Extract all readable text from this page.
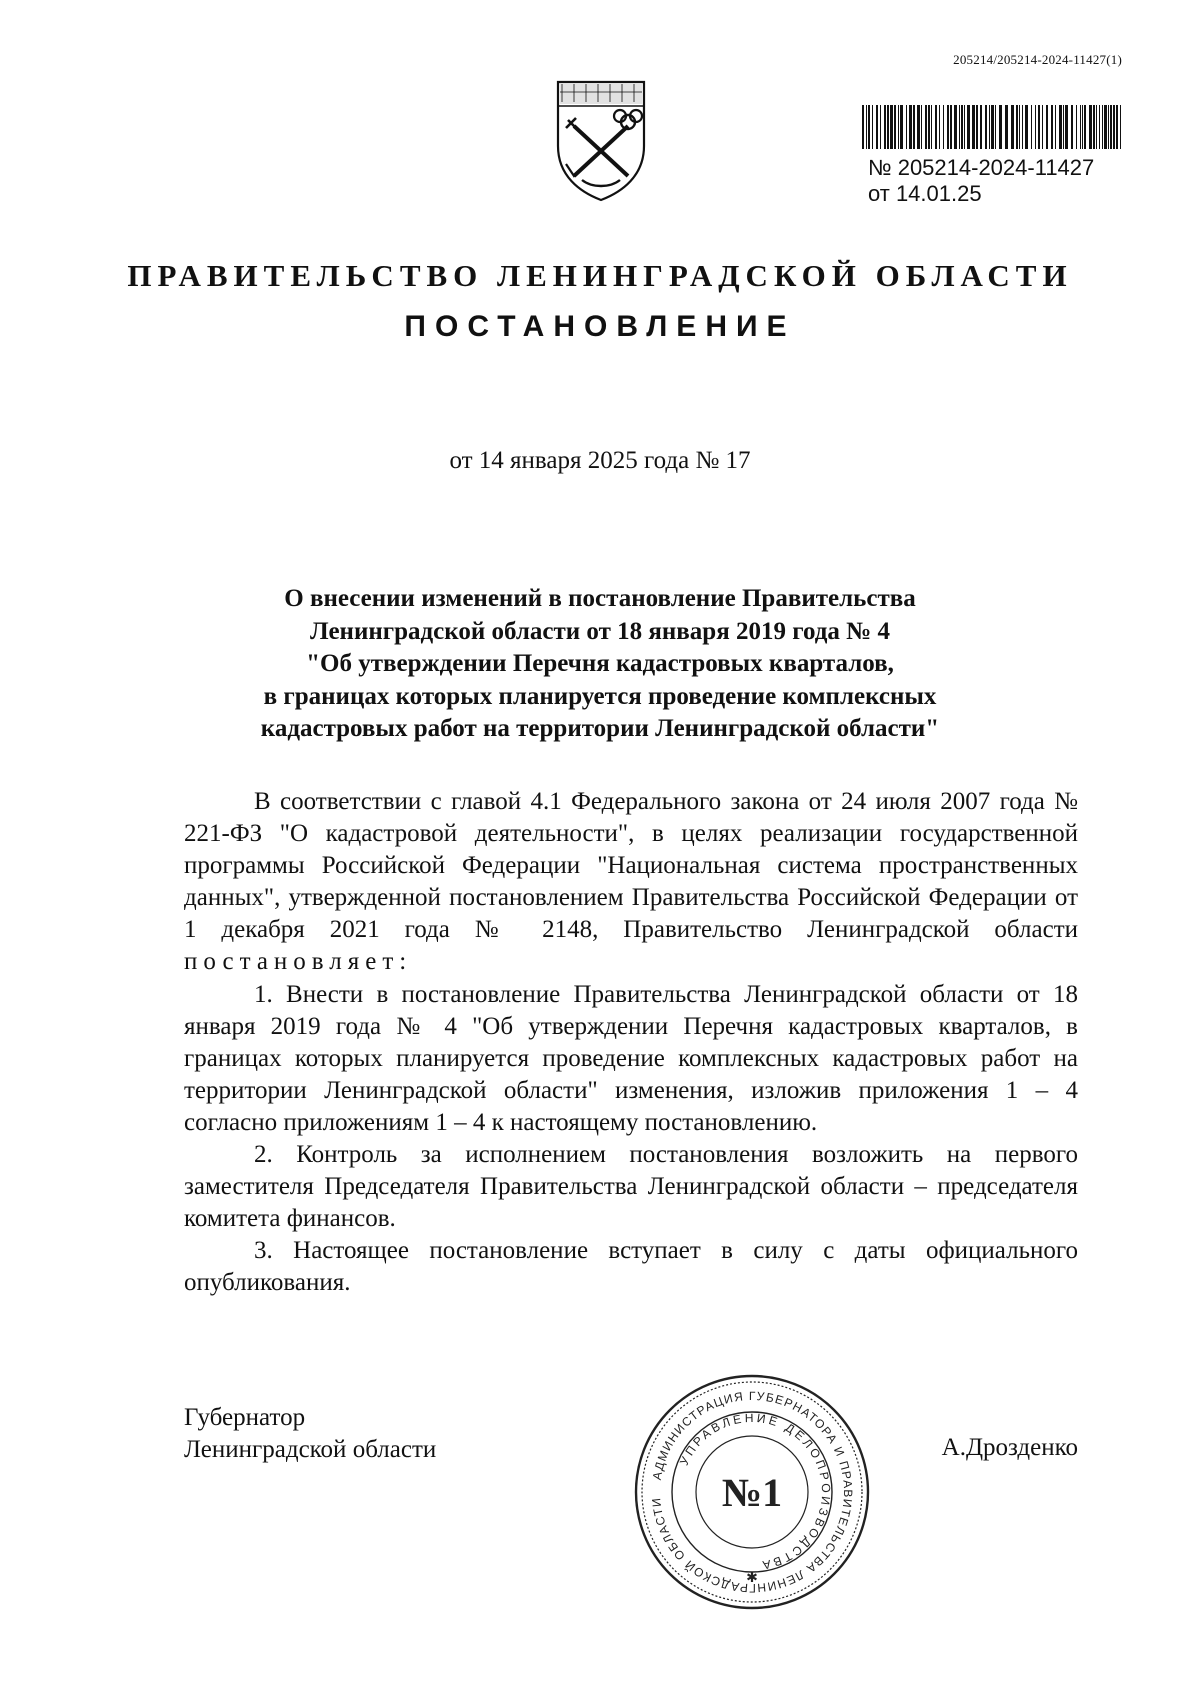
205214/205214-2024-11427(1)
№ 205214-2024-11427
от 14.01.25
ПРАВИТЕЛЬСТВО ЛЕНИНГРАДСКОЙ ОБЛАСТИ
ПОСТАНОВЛЕНИЕ
от 14 января 2025 года № 17
О внесении изменений в постановление Правительства
Ленинградской области от 18 января 2019 года № 4
"Об утверждении Перечня кадастровых кварталов,
в границах которых планируется проведение комплексных
кадастровых работ на территории Ленинградской области"

В соответствии с главой 4.1 Федерального закона от 24 июля 2007 года № 221-ФЗ "О кадастровой деятельности", в целях реализации государственной программы Российской Федерации "Национальная система пространственных данных", утвержденной постановлением Правительства Российской Федерации от 1 декабря 2021 года № 2148, Правительство Ленинградской области постановляет:

1. Внести в постановление Правительства Ленинградской области от 18 января 2019 года № 4 "Об утверждении Перечня кадастровых кварталов, в границах которых планируется проведение комплексных кадастровых работ на территории Ленинградской области" изменения, изложив приложения 1 – 4 согласно приложениям 1 – 4 к настоящему постановлению.

2. Контроль за исполнением постановления возложить на первого заместителя Председателя Правительства Ленинградской области – председателя комитета финансов.

3. Настоящее постановление вступает в силу с даты официального опубликования.

Губернатор
Ленинградской области	А.Дрозденко
АДМИНИСТРАЦИЯ ГУБЕРНАТОРА И ПРАВИТЕЛЬСТВА ЛЕНИНГРАДСКОЙ ОБЛАСТИ
УПРАВЛЕНИЕ ДЕЛОПРОИЗВОДСТВА
№1
✱
